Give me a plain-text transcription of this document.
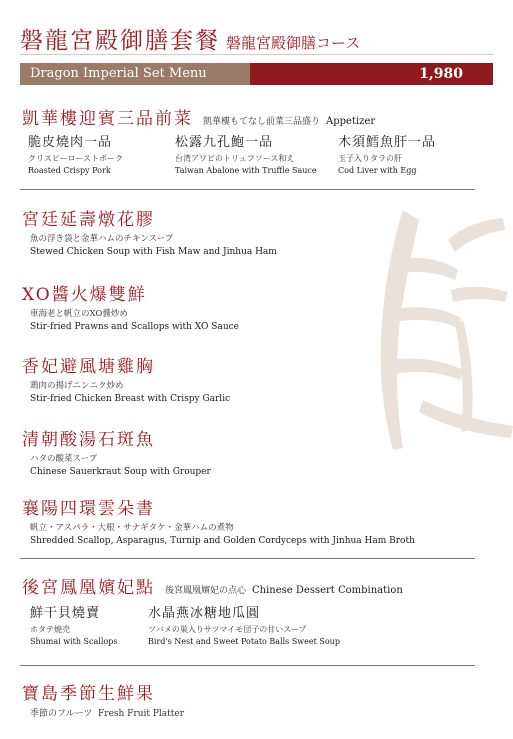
磐龍宮殿御膳套餐 磐龍宮殿御膳コース
Dragon Imperial Set Menu	1,980
凱華樓迎賓三品前菜 凱華樓もてなし前菜三品盛り Appetizer
脆皮燒肉一品
クリスピーローストポーク
Roasted Crispy Pork
松露九孔鮑一品
台湾アワビのトリュフソース和え
Taiwan Abalone with Truffle Sauce
木須鱈魚肝一品
玉子入りタラの肝
Cod Liver with Egg
宮廷延壽燉花膠
魚の浮き袋と金華ハムのチキンスープ
Stewed Chicken Soup with Fish Maw and Jinhua Ham
XO醬火爆雙鮮
車海老と帆立のXO醤炒め
Stir-fried Prawns and Scallops with XO Sauce
香妃避風塘雞胸
鶏肉の揚げニンニク炒め
Stir-fried Chicken Breast with Crispy Garlic
清朝酸湯石斑魚
ハタの酸菜スープ
Chinese Sauerkraut Soup with Grouper
襄陽四環雲朵書
帆立・アスパラ・大根・サナギタケ・金華ハムの煮物
Shredded Scallop, Asparagus, Turnip and Golden Cordyceps with Jinhua Ham Broth
後宮鳳凰嬪妃點 後宮鳳凰嬪妃の点心 Chinese Dessert Combination
鮮干貝燒賣
ホタテ焼売
Shumai with Scallops
水晶燕冰糖地瓜圓
ツバメの巣入りサツマイモ団子の甘いスープ
Bird's Nest and Sweet Potato Balls Sweet Soup
寶島季節生鮮果
季節のフルーツ Fresh Fruit Platter
